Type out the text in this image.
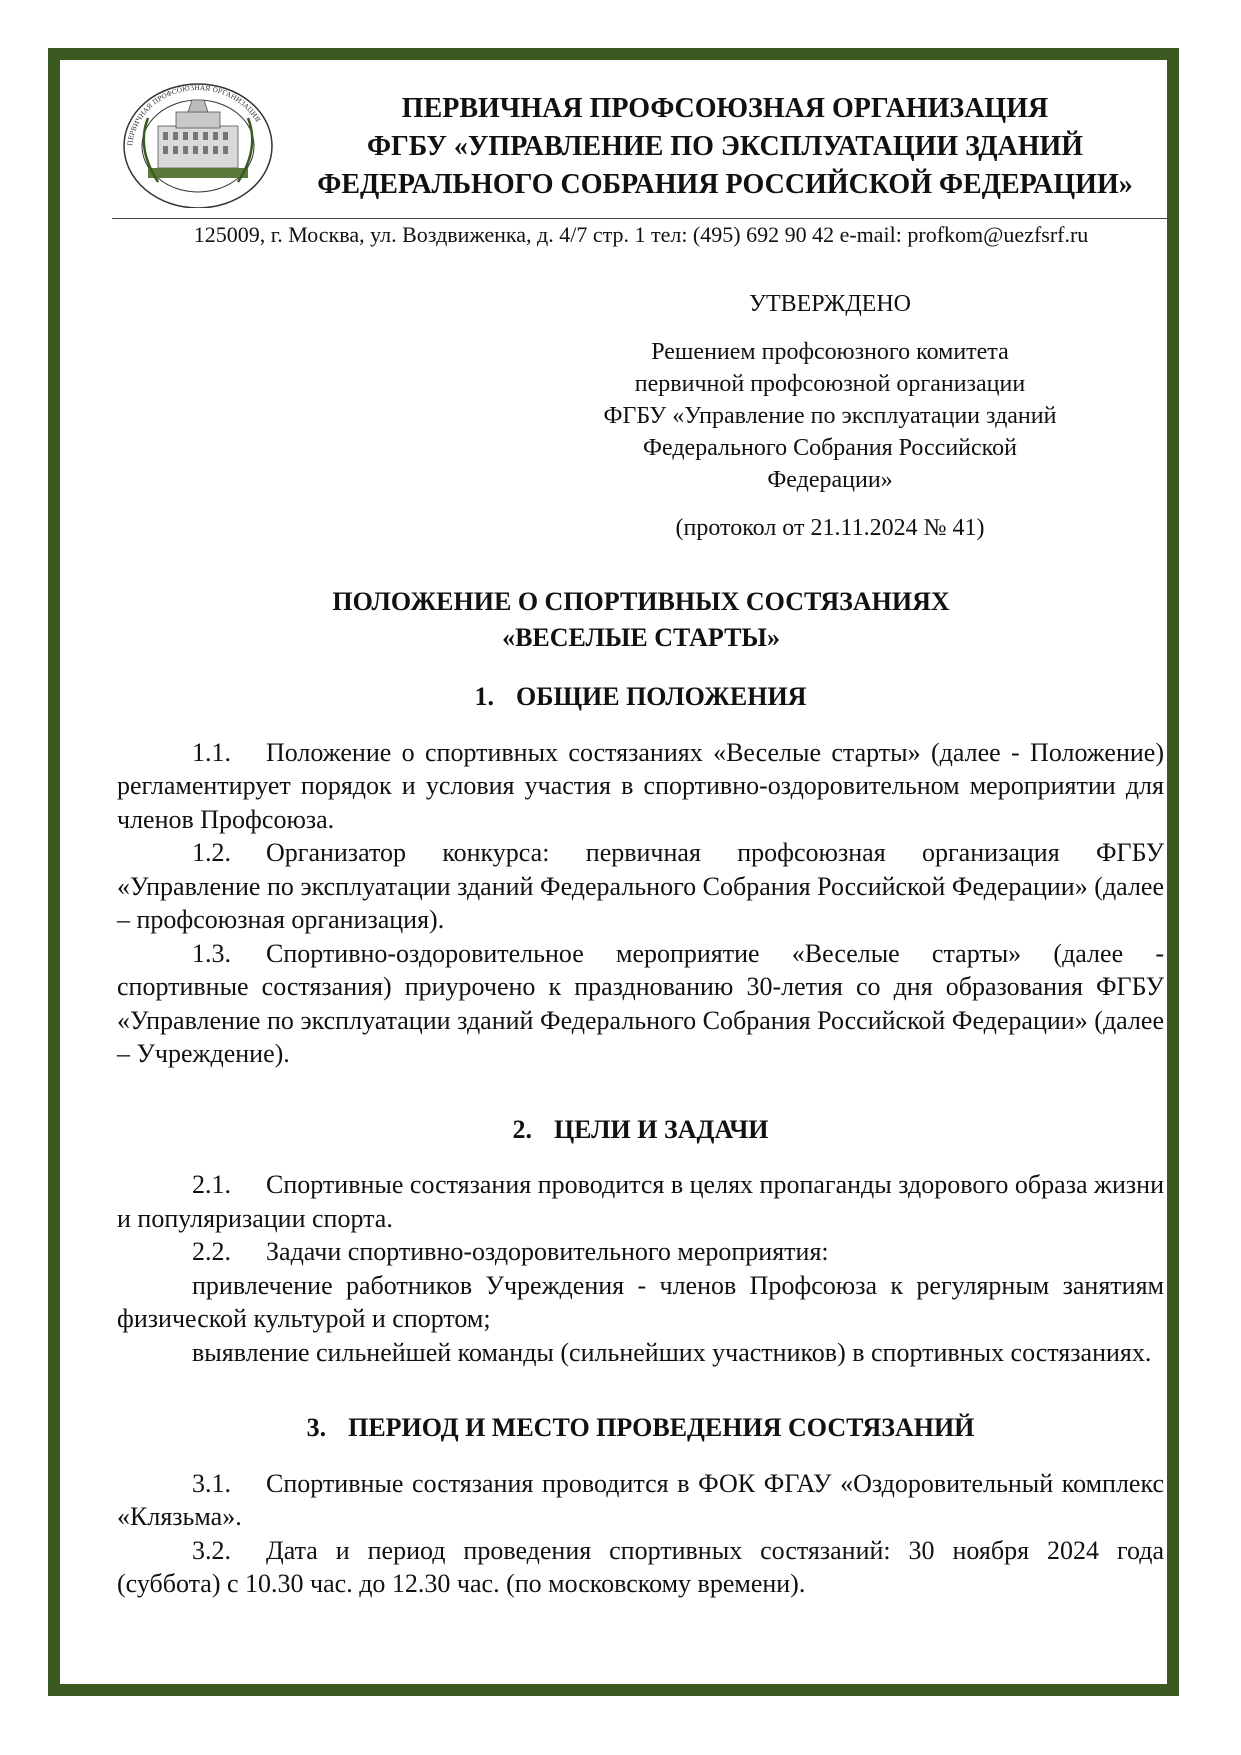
ПЕРВИЧНАЯ ПРОФСОЮЗНАЯ ОРГАНИЗАЦИЯ	ПЕРВИЧНАЯ ПРОФСОЮЗНАЯ ОРГАНИЗАЦИЯ
ФГБУ «УПРАВЛЕНИЕ ПО ЭКСПЛУАТАЦИИ ЗДАНИЙ
ФЕДЕРАЛЬНОГО СОБРАНИЯ РОССИЙСКОЙ ФЕДЕРАЦИИ»
125009, г. Москва, ул. Воздвиженка, д. 4/7 стр. 1 тел: (495) 692 90 42 e-mail: profkom@uezfsrf.ru
УТВЕРЖДЕНО
Решением профсоюзного комитета
первичной профсоюзной организации
ФГБУ «Управление по эксплуатации зданий
Федерального Собрания Российской Федерации»
(протокол от 21.11.2024 № 41)
ПОЛОЖЕНИЕ О СПОРТИВНЫХ СОСТЯЗАНИЯХ
«ВЕСЕЛЫЕ СТАРТЫ»
1. ОБЩИЕ ПОЛОЖЕНИЯ

1.1. Положение о спортивных состязаниях «Веселые старты» (далее - Положение) регламентирует порядок и условия участия в спортивно-оздоровительном мероприятии для членов Профсоюза.

1.2. Организатор конкурса: первичная профсоюзная организация ФГБУ «Управление по эксплуатации зданий Федерального Собрания Российской Федерации» (далее – профсоюзная организация).

1.3. Спортивно-оздоровительное мероприятие «Веселые старты» (далее - спортивные состязания) приурочено к празднованию 30-летия со дня образования ФГБУ «Управление по эксплуатации зданий Федерального Собрания Российской Федерации» (далее – Учреждение).

2. ЦЕЛИ И ЗАДАЧИ

2.1. Спортивные состязания проводится в целях пропаганды здорового образа жизни и популяризации спорта.

2.2. Задачи спортивно-оздоровительного мероприятия:

привлечение работников Учреждения - членов Профсоюза к регулярным занятиям физической культурой и спортом;

выявление сильнейшей команды (сильнейших участников) в спортивных состязаниях.

3. ПЕРИОД И МЕСТО ПРОВЕДЕНИЯ СОСТЯЗАНИЙ

3.1. Спортивные состязания проводится в ФОК ФГАУ «Оздоровительный комплекс «Клязьма».

3.2. Дата и период проведения спортивных состязаний: 30 ноября 2024 года (суббота) с 10.30 час. до 12.30 час. (по московскому времени).
